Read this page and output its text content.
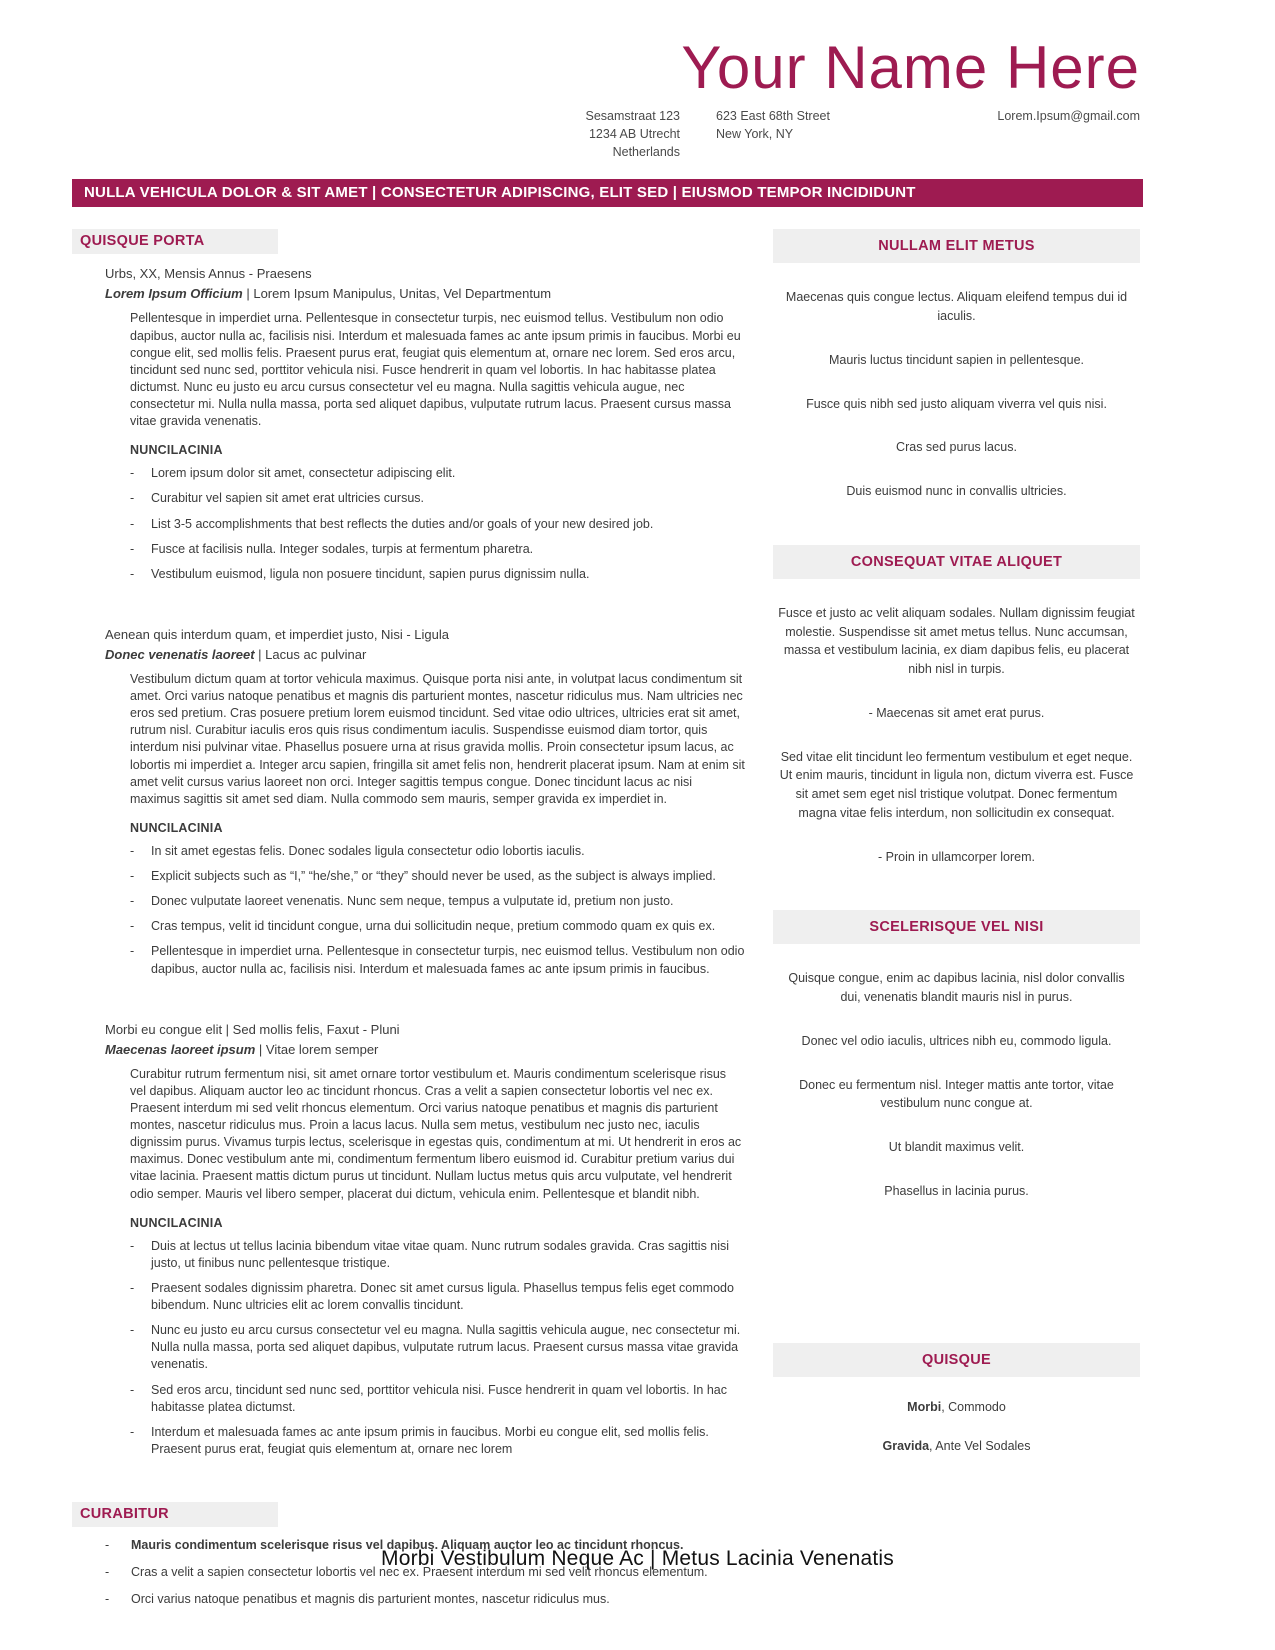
Your Name Here
Sesamstraat 123
1234 AB Utrecht
Netherlands
623 East 68th Street
New York, NY
Lorem.Ipsum@gmail.com
NULLA VEHICULA DOLOR & SIT AMET | CONSECTETUR ADIPISCING, ELIT SED | EIUSMOD TEMPOR INCIDIDUNT
QUISQUE PORTA
Urbs, XX, Mensis Annus - Praesens
Lorem Ipsum Officium | Lorem Ipsum Manipulus, Unitas, Vel Departmentum

Pellentesque in imperdiet urna. Pellentesque in consectetur turpis, nec euismod tellus. Vestibulum non odio dapibus, auctor nulla ac, facilisis nisi. Interdum et malesuada fames ac ante ipsum primis in faucibus. Morbi eu congue elit, sed mollis felis. Praesent purus erat, feugiat quis elementum at, ornare nec lorem. Sed eros arcu, tincidunt sed nunc sed, porttitor vehicula nisi. Fusce hendrerit in quam vel lobortis. In hac habitasse platea dictumst. Nunc eu justo eu arcu cursus consectetur vel eu magna. Nulla sagittis vehicula augue, nec consectetur mi. Nulla nulla massa, porta sed aliquet dapibus, vulputate rutrum lacus. Praesent cursus massa vitae gravida venenatis.

NUNCILACINIA
-	Lorem ipsum dolor sit amet, consectetur adipiscing elit.
-	Curabitur vel sapien sit amet erat ultricies cursus.
-	List 3-5 accomplishments that best reflects the duties and/or goals of your new desired job.
-	Fusce at facilisis nulla. Integer sodales, turpis at fermentum pharetra.
-	Vestibulum euismod, ligula non posuere tincidunt, sapien purus dignissim nulla.
Aenean quis interdum quam, et imperdiet justo, Nisi - Ligula
Donec venenatis laoreet | Lacus ac pulvinar

Vestibulum dictum quam at tortor vehicula maximus. Quisque porta nisi ante, in volutpat lacus condimentum sit amet. Orci varius natoque penatibus et magnis dis parturient montes, nascetur ridiculus mus. Nam ultricies nec eros sed pretium. Cras posuere pretium lorem euismod tincidunt. Sed vitae odio ultrices, ultricies erat sit amet, rutrum nisl. Curabitur iaculis eros quis risus condimentum iaculis. Suspendisse euismod diam tortor, quis interdum nisi pulvinar vitae. Phasellus posuere urna at risus gravida mollis. Proin consectetur ipsum lacus, ac lobortis mi imperdiet a. Integer arcu sapien, fringilla sit amet felis non, hendrerit placerat ipsum. Nam at enim sit amet velit cursus varius laoreet non orci. Integer sagittis tempus congue. Donec tincidunt lacus ac nisi maximus sagittis sit amet sed diam. Nulla commodo sem mauris, semper gravida ex imperdiet in.

NUNCILACINIA
-	In sit amet egestas felis. Donec sodales ligula consectetur odio lobortis iaculis.
-	Explicit subjects such as “I,” “he/she,” or “they” should never be used, as the subject is always implied.
-	Donec vulputate laoreet venenatis. Nunc sem neque, tempus a vulputate id, pretium non justo.
-	Cras tempus, velit id tincidunt congue, urna dui sollicitudin neque, pretium commodo quam ex quis ex.
-	Pellentesque in imperdiet urna. Pellentesque in consectetur turpis, nec euismod tellus. Vestibulum non odio dapibus, auctor nulla ac, facilisis nisi. Interdum et malesuada fames ac ante ipsum primis in faucibus.
Morbi eu congue elit | Sed mollis felis, Faxut - Pluni
Maecenas laoreet ipsum | Vitae lorem semper

Curabitur rutrum fermentum nisi, sit amet ornare tortor vestibulum et. Mauris condimentum scelerisque risus vel dapibus. Aliquam auctor leo ac tincidunt rhoncus. Cras a velit a sapien consectetur lobortis vel nec ex. Praesent interdum mi sed velit rhoncus elementum. Orci varius natoque penatibus et magnis dis parturient montes, nascetur ridiculus mus. Proin a lacus lacus. Nulla sem metus, vestibulum nec justo nec, iaculis dignissim purus. Vivamus turpis lectus, scelerisque in egestas quis, condimentum at mi. Ut hendrerit in eros ac maximus. Donec vestibulum ante mi, condimentum fermentum libero euismod id. Curabitur pretium varius dui vitae lacinia. Praesent mattis dictum purus ut tincidunt. Nullam luctus metus quis arcu vulputate, vel hendrerit odio semper. Mauris vel libero semper, placerat dui dictum, vehicula enim. Pellentesque et blandit nibh.

NUNCILACINIA
-	Duis at lectus ut tellus lacinia bibendum vitae vitae quam. Nunc rutrum sodales gravida. Cras sagittis nisi justo, ut finibus nunc pellentesque tristique.
-	Praesent sodales dignissim pharetra. Donec sit amet cursus ligula. Phasellus tempus felis eget commodo bibendum. Nunc ultricies elit ac lorem convallis tincidunt.
-	Nunc eu justo eu arcu cursus consectetur vel eu magna. Nulla sagittis vehicula augue, nec consectetur mi. Nulla nulla massa, porta sed aliquet dapibus, vulputate rutrum lacus. Praesent cursus massa vitae gravida venenatis.
-	Sed eros arcu, tincidunt sed nunc sed, porttitor vehicula nisi. Fusce hendrerit in quam vel lobortis. In hac habitasse platea dictumst.
-	Interdum et malesuada fames ac ante ipsum primis in faucibus. Morbi eu congue elit, sed mollis felis. Praesent purus erat, feugiat quis elementum at, ornare nec lorem
CURABITUR
-	Mauris condimentum scelerisque risus vel dapibus. Aliquam auctor leo ac tincidunt rhoncus.
-	Cras a velit a sapien consectetur lobortis vel nec ex. Praesent interdum mi sed velit rhoncus elementum.
-	Orci varius natoque penatibus et magnis dis parturient montes, nascetur ridiculus mus.
NULLAM ELIT METUS

Maecenas quis congue lectus. Aliquam eleifend tempus dui id iaculis.

Mauris luctus tincidunt sapien in pellentesque.

Fusce quis nibh sed justo aliquam viverra vel quis nisi.

Cras sed purus lacus.

Duis euismod nunc in convallis ultricies.

CONSEQUAT VITAE ALIQUET

Fusce et justo ac velit aliquam sodales. Nullam dignissim feugiat molestie. Suspendisse sit amet metus tellus. Nunc accumsan, massa et vestibulum lacinia, ex diam dapibus felis, eu placerat nibh nisl in turpis.

- Maecenas sit amet erat purus.

Sed vitae elit tincidunt leo fermentum vestibulum et eget neque. Ut enim mauris, tincidunt in ligula non, dictum viverra est. Fusce sit amet sem eget nisl tristique volutpat. Donec fermentum magna vitae felis interdum, non sollicitudin ex consequat.

- Proin in ullamcorper lorem.

SCELERISQUE VEL NISI

Quisque congue, enim ac dapibus lacinia, nisl dolor convallis dui, venenatis blandit mauris nisl in purus.

Donec vel odio iaculis, ultrices nibh eu, commodo ligula.

Donec eu fermentum nisl. Integer mattis ante tortor, vitae vestibulum nunc congue at.

Ut blandit maximus velit.

Phasellus in lacinia purus.

QUISQUE

Morbi, Commodo

Gravida, Ante Vel Sodales

Morbi Vestibulum Neque Ac | Metus Lacinia Venenatis
